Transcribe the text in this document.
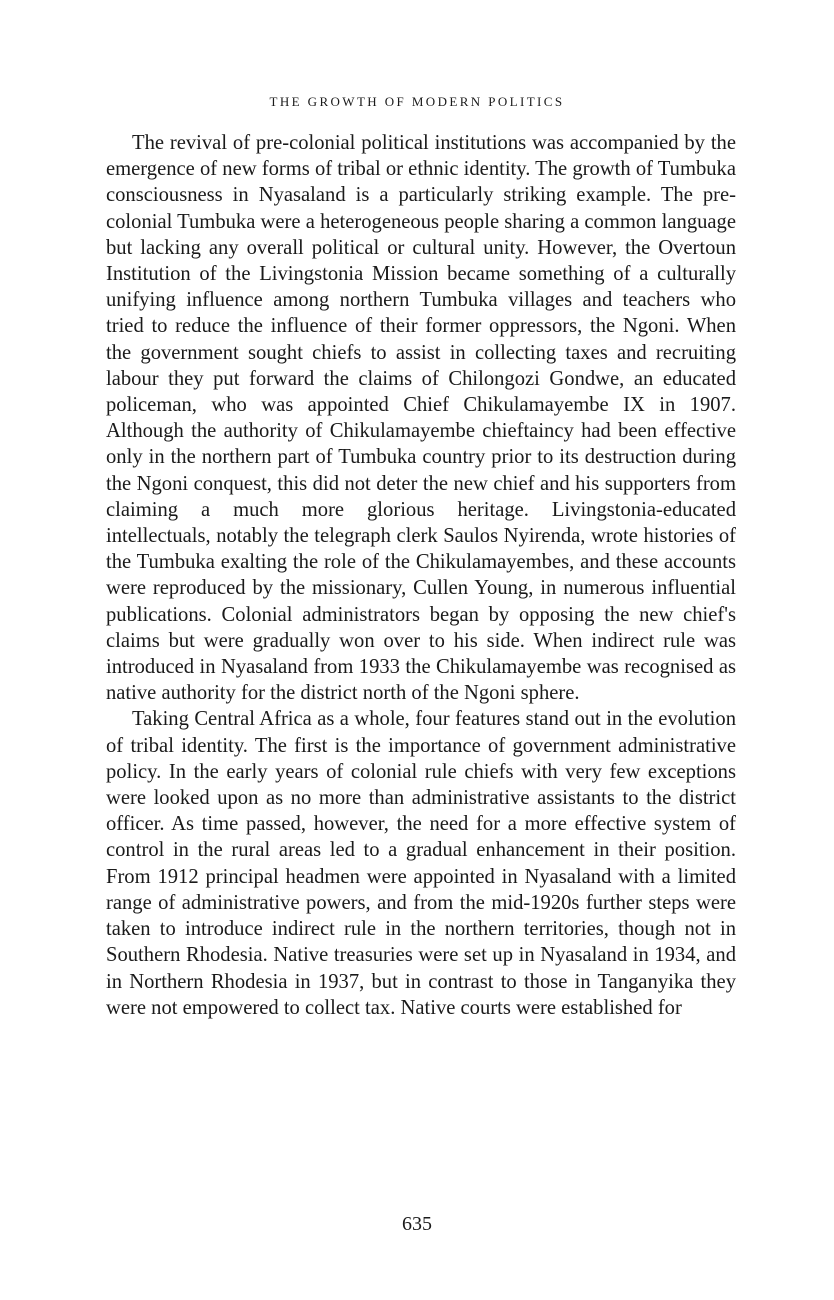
THE GROWTH OF MODERN POLITICS

The revival of pre-colonial political institutions was accompanied by the emergence of new forms of tribal or ethnic identity. The growth of Tumbuka consciousness in Nyasaland is a particularly striking example. The pre-colonial Tumbuka were a heterogeneous people sharing a common language but lacking any overall political or cultural unity. However, the Overtoun Institution of the Livingstonia Mission became something of a culturally unifying influence among northern Tumbuka villages and teachers who tried to reduce the influence of their former oppressors, the Ngoni. When the government sought chiefs to assist in collecting taxes and recruiting labour they put forward the claims of Chilongozi Gondwe, an educated policeman, who was appointed Chief Chikulamayembe IX in 1907. Although the authority of Chikulamayembe chieftaincy had been effective only in the northern part of Tumbuka country prior to its destruction during the Ngoni conquest, this did not deter the new chief and his supporters from claiming a much more glorious heritage. Livingstonia-educated intellectuals, notably the telegraph clerk Saulos Nyirenda, wrote histories of the Tumbuka exalting the role of the Chikulamayembes, and these accounts were reproduced by the missionary, Cullen Young, in numerous influential publications. Colonial administrators began by opposing the new chief's claims but were gradually won over to his side. When indirect rule was introduced in Nyasaland from 1933 the Chikulamayembe was recognised as native authority for the district north of the Ngoni sphere.

Taking Central Africa as a whole, four features stand out in the evolution of tribal identity. The first is the importance of government administrative policy. In the early years of colonial rule chiefs with very few exceptions were looked upon as no more than administrative assistants to the district officer. As time passed, however, the need for a more effective system of control in the rural areas led to a gradual enhancement in their position. From 1912 principal headmen were appointed in Nyasaland with a limited range of administrative powers, and from the mid-1920s further steps were taken to introduce indirect rule in the northern territories, though not in Southern Rhodesia. Native treasuries were set up in Nyasaland in 1934, and in Northern Rhodesia in 1937, but in contrast to those in Tanganyika they were not empowered to collect tax. Native courts were established for

635
